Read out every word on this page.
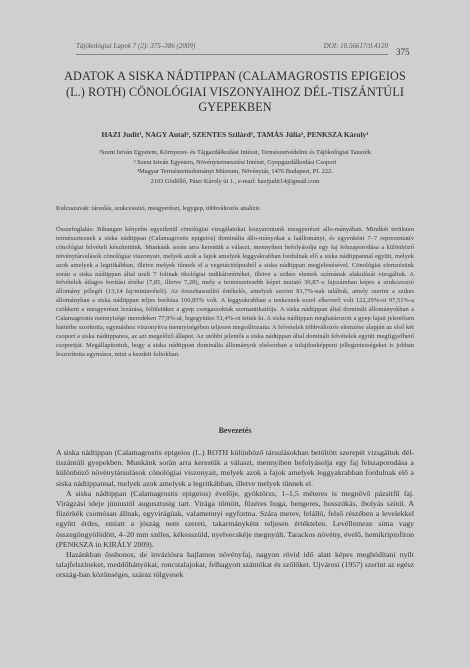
Tájökológiai Lapok 7 (2): 375–386 (2009)	DOI: 10.56617/tl.4120
375
ADATOK A SISKA NÁDTIPPAN (CALAMAGROSTIS EPIGEIOS (L.) ROTH) CÖNOLÓGIAI VISZONYAIHOZ DÉL-TISZÁNTÚLI GYEPEKBEN
HAZI Judit¹, NAGY Antal², SZENTES Szilárd¹, TAMÁS Júlia³, PENKSZA Károly¹
¹Szent István Egyetem, Környezet- és Tájgazdálkodási Intézet, Természetvédelmi és Tájökológiai Tanszék
² Szent István Egyetem, Növénytermesztési Intézet, Gyepgazdálkodási Csoport
³Magyar Természettudományi Múzeum, Növénytár, 1476 Budapest, Pf. 222.
2103 Gödöllő, Páter Károly út 1., e-mail: hazijudit14@gmail.com
Kulcsszavak: társulás, szukcesszió, mesgyerészt, legygep, többváltozós analízis
Összefoglalás: Bihangan kényelm egyetlenül cönológiai vizsgálatokat leszyatontunk mesgyerészt allo-mányában. Mindkét területen természetesnek a siska nádtippan (Calamagrostis epigeios) dominálta állo-mányokat a faállományt, és egyenként 7–7 reprezentatív cönológiai felvételt készítettünk. Munkánk során arra kerestük a választ, mennyiben befolyásolja egy faj felszaporodása a különböző növénytársulások cönológiai viszonyait, melyek azok a fajok amelyek leggyakrabban fordulnak elő a siska nádtippannal együtt, melyek azok amelyek a legritkábban, illetve melyek tűnnek el a vegetációtípusból a siska nádtippan megjelenésével. Cönológiai elemzésünk során a siska nádtippan által uralt 7 foltnak ökológiai indikátorértékei, illetve a szikes elemek számának alakulását vizsgáltuk. A felvételek átlagos borítási értéke (7,85, illetve 7,28), mely a természetesebb képet mutató 30,87–s fajszámban képes a szukcesszió állomány jellegét (13,14 faj/mintavételi). Az összehasonlító értékelés, amelyek szerint 81,7%-nak találtuk, amely szerint a szikes állományban a siska nádtippan teljes borítása 100,85% volt. A leggyakrabban a tenkesnek ezzel elkeverő volt 122,29%-ot 97,51%-a csökkent a mesgyerészt lezárása, felületükre a gyep csorgaszoktak szemantikatiója. A siska nádtippan által dominált állományokban a Calamagrostis mennyisége meredeken 77,9%-at, legegyüttes 51,4%-ot tettek ki. A siska nádtippan meghatározott a gyep fajait jelentősen háttérbe szorította, egymáshoz viszonyítva mennyiségében teljesen megváltozatta. A felvételek többváltozós elemzése alapján az első két csoport a siska nádtippanos, az azt megelőző állapot. Az utóbbi jelentős a siska nádtippan által dominált felvételek együtt megfigyelhető csoportját. Megállapítottuk, hogy a siska nádtippan dominálta állományok elsősorban a tulajdonképpeni jellegzetességeket is jobban leszorította egymásra, mint a kezdeti foltokban.
Bevezetés

A siska nádtippan (Calamagrostis epigeios (L.) ROTH különböző társulásokban betöltött szerepét vizsgáltuk dél-tiszántúli gyepekben. Munkánk során arra kerestük a választ, mennyiben befolyásolja egy faj felszaporodása a különböző növénytársulások cönológiai viszonyait, melyek azok a fajok amelyek leggyakrabban fordulnak elő a siska nádtippannal, melyek azok amelyek a legritkábban, illetve melyek tűnnek el.

A siska nádtippan (Calamagrostis epigeios) évelője, gyöktörzs, 1–1,5 méteres is megnövő pázsitfű faj. Virágzási ideje júniustól augusztusig tart. Virága tömött, füzéres buga, hengeres, hosszúkás, ibolyás színű. A füzérkék csomósan állnak, egyvirágúak, valamennyi egyforma. Szára merev, felálló, felső részében a levelekkel együtt érdes, emiatt a jószág nem szereti, takarmányként teljesen értéktelen. Levéllemeze sima vagy összegöngyölödött, 4–20 mm széles, kékesszöld, nyelvecskéje megnyúlt. Tarackos növény, évelő, hemikriptofiton (PENKSZA in KIRÁLY 2009).

Hazánkban ősshonos, de inváziósra hajlamos növényfaj, nagyon rövid idő alatt képes meghódítani nyílt talajfelszíneket, meddőhányókat, roncstalajokat, felhagyott szántókat és szőlőket. Ujvárosi (1957) szerint az egész ország-ban közönséges, száraz tölgyesek
